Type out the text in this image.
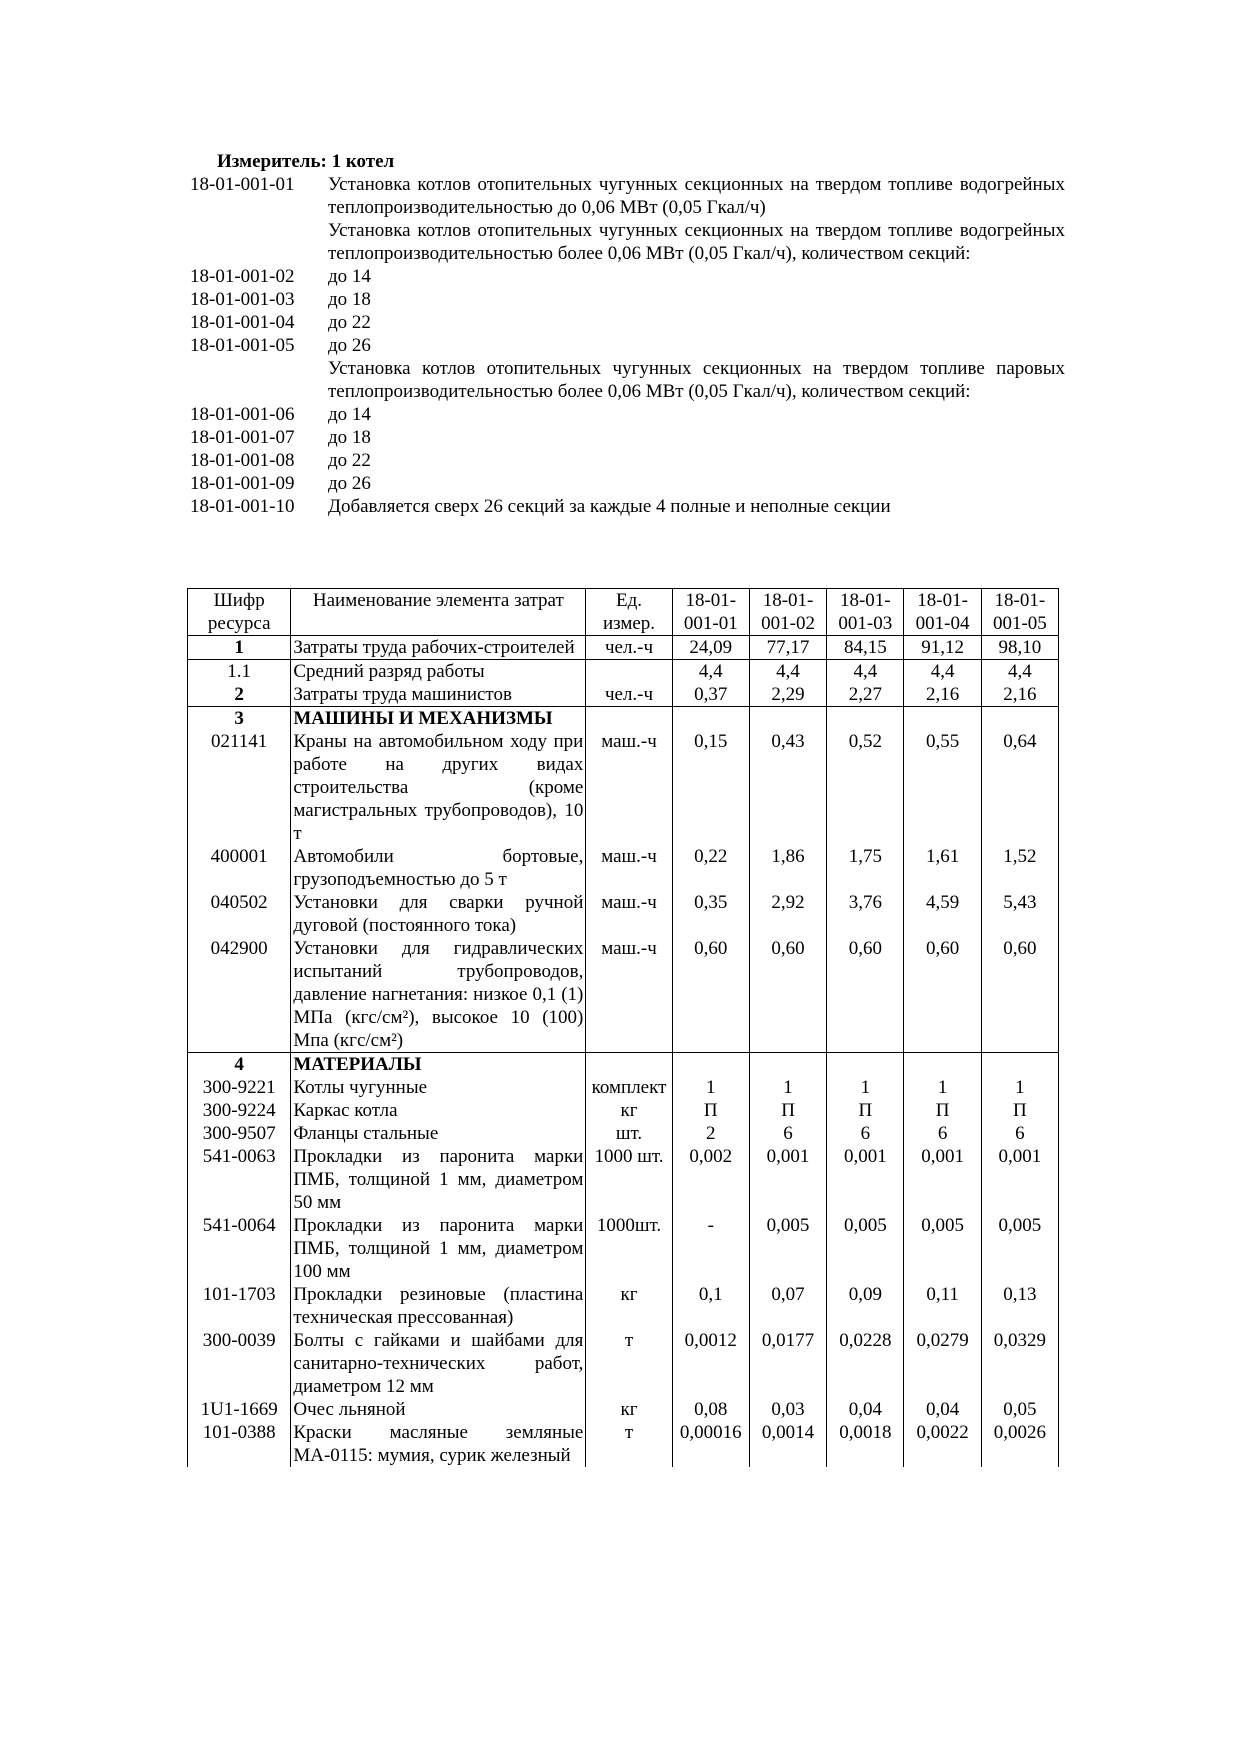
Измеритель: 1 котел
18-01-001-01	Установка котлов отопительных чугунных секционных на твердом топливе водогрейных теплопроизводительностью до 0,06 МВт (0,05 Гкал/ч)
Установка котлов отопительных чугунных секционных на твердом топливе водогрейных теплопроизводительностью более 0,06 МВт (0,05 Гкал/ч), количеством секций:
18-01-001-02	до 14
18-01-001-03	до 18
18-01-001-04	до 22
18-01-001-05	до 26
Установка котлов отопительных чугунных секционных на твердом топливе паровых теплопроизводительностью более 0,06 МВт (0,05 Гкал/ч), количеством секций:
18-01-001-06	до 14
18-01-001-07	до 18
18-01-001-08	до 22
18-01-001-09	до 26
18-01-001-10	Добавляется сверх 26 секций за каждые 4 полные и неполные секции
Шифр ресурса	Наименование элемента затрат	Ед. измер.	18-01-001-01	18-01-001-02	18-01-001-03	18-01-001-04	18-01-001-05
1	Затраты труда рабочих-строителей	чел.-ч	24,09	77,17	84,15	91,12	98,10
1.1	Средний разряд работы		4,4	4,4	4,4	4,4	4,4
2	Затраты труда машинистов	чел.-ч	0,37	2,29	2,27	2,16	2,16
3	МАШИНЫ И МЕХАНИЗМЫ						
021141	Краны на автомобильном ходу при работе на других видах строительства (кроме магистральных трубопроводов), 10 т	маш.-ч	0,15	0,43	0,52	0,55	0,64
400001	Автомобили бортовые, грузоподъемностью до 5 т	маш.-ч	0,22	1,86	1,75	1,61	1,52
040502	Установки для сварки ручной дуговой (постоянного тока)	маш.-ч	0,35	2,92	3,76	4,59	5,43
042900	Установки для гидравлических испытаний трубопроводов, давление нагнетания: низкое 0,1 (1) МПа (кгс/см²), высокое 10 (100) Мпа (кгс/см²)	маш.-ч	0,60	0,60	0,60	0,60	0,60
4	МАТЕРИАЛЫ						
300-9221	Котлы чугунные	комплект	1	1	1	1	1
300-9224	Каркас котла	кг	П	П	П	П	П
300-9507	Фланцы стальные	шт.	2	6	6	6	6
541-0063	Прокладки из паронита марки ПМБ, толщиной 1 мм, диаметром 50 мм	1000 шт.	0,002	0,001	0,001	0,001	0,001
541-0064	Прокладки из паронита марки ПМБ, толщиной 1 мм, диаметром 100 мм	1000шт.	-	0,005	0,005	0,005	0,005
101-1703	Прокладки резиновые (пластина техническая прессованная)	кг	0,1	0,07	0,09	0,11	0,13
300-0039	Болты с гайками и шайбами для санитарно-технических работ, диаметром 12 мм	т	0,0012	0,0177	0,0228	0,0279	0,0329
1U1-1669	Очес льняной	кг	0,08	0,03	0,04	0,04	0,05
101-0388	Краски масляные земляные МА-0115: мумия, сурик железный	т	0,00016	0,0014	0,0018	0,0022	0,0026
